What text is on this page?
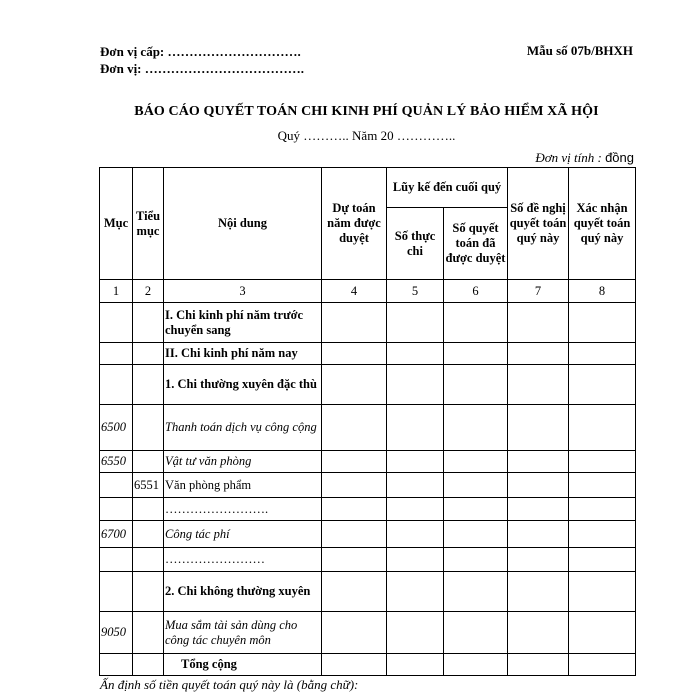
Đơn vị cấp: ………………………….
Đơn vị: ……………………………….
Mẫu số 07b/BHXH
BÁO CÁO QUYẾT TOÁN CHI KINH PHÍ QUẢN LÝ BẢO HIỂM XÃ HỘI
Quý ……….. Năm 20 …………..
Đơn vị tính : đồng
Mục	Tiểu mục	Nội dung	Dự toán năm được duyệt	Lũy kế đến cuối quý		Số đề nghị quyết toán quý này	Xác nhận quyết toán quý này
				Số thực chi	Số quyết toán đã được duyệt		
1	2	3	4	5	6	7	8

		I. Chi kinh phí năm trước chuyển sang					

		II. Chi kinh phí năm nay					

		1. Chi thường xuyên đặc thù					

6500		Thanh toán dịch vụ công cộng					

6550		Vật tư văn phòng					

	6551	Văn phòng phẩm					

		…………………….					

6700		Công tác phí					

		……………………					

		2. Chi không thường xuyên					

9050		Mua sắm tài sản dùng cho công tác chuyên môn					

		Tổng cộng					
Ấn định số tiền quyết toán quý này là (bằng chữ):
